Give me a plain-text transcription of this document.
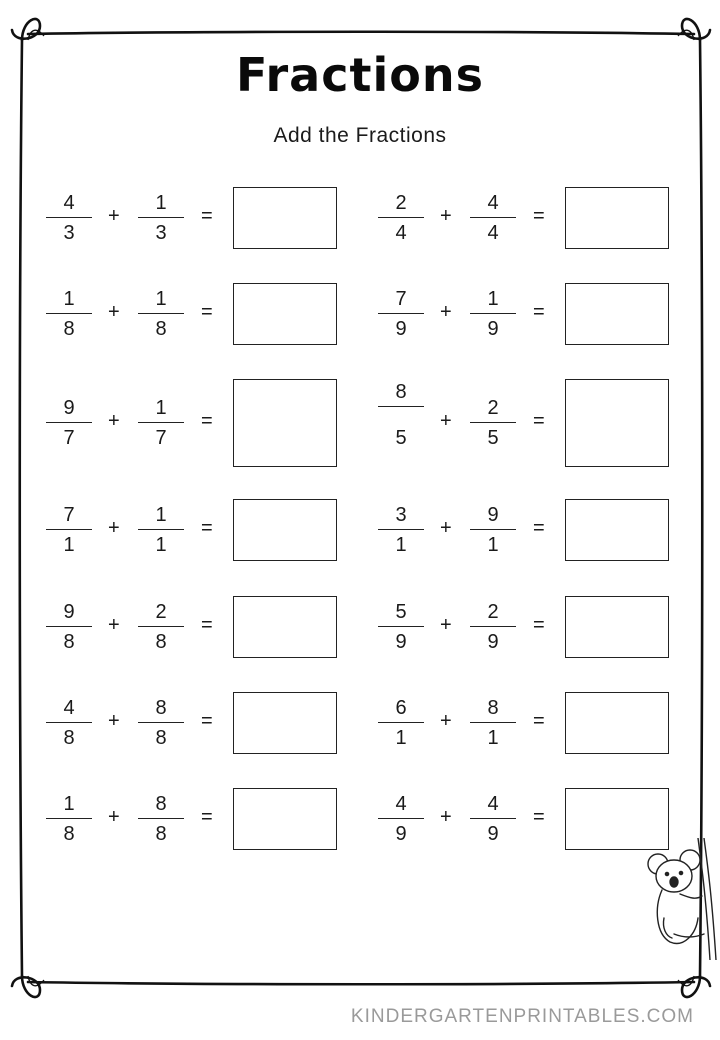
Fractions
Add the Fractions
4
3
+
1
3
=
2
4
+
4
4
=
1
8
+
1
8
=
7
9
+
1
9
=
9
7
+
1
7
=
8
5
+
2
5
=
7
1
+
1
1
=
3
1
+
9
1
=
9
8
+
2
8
=
5
9
+
2
9
=
4
8
+
8
8
=
6
1
+
8
1
=
1
8
+
8
8
=
4
9
+
4
9
=
KINDERGARTENPRINTABLES.COM
